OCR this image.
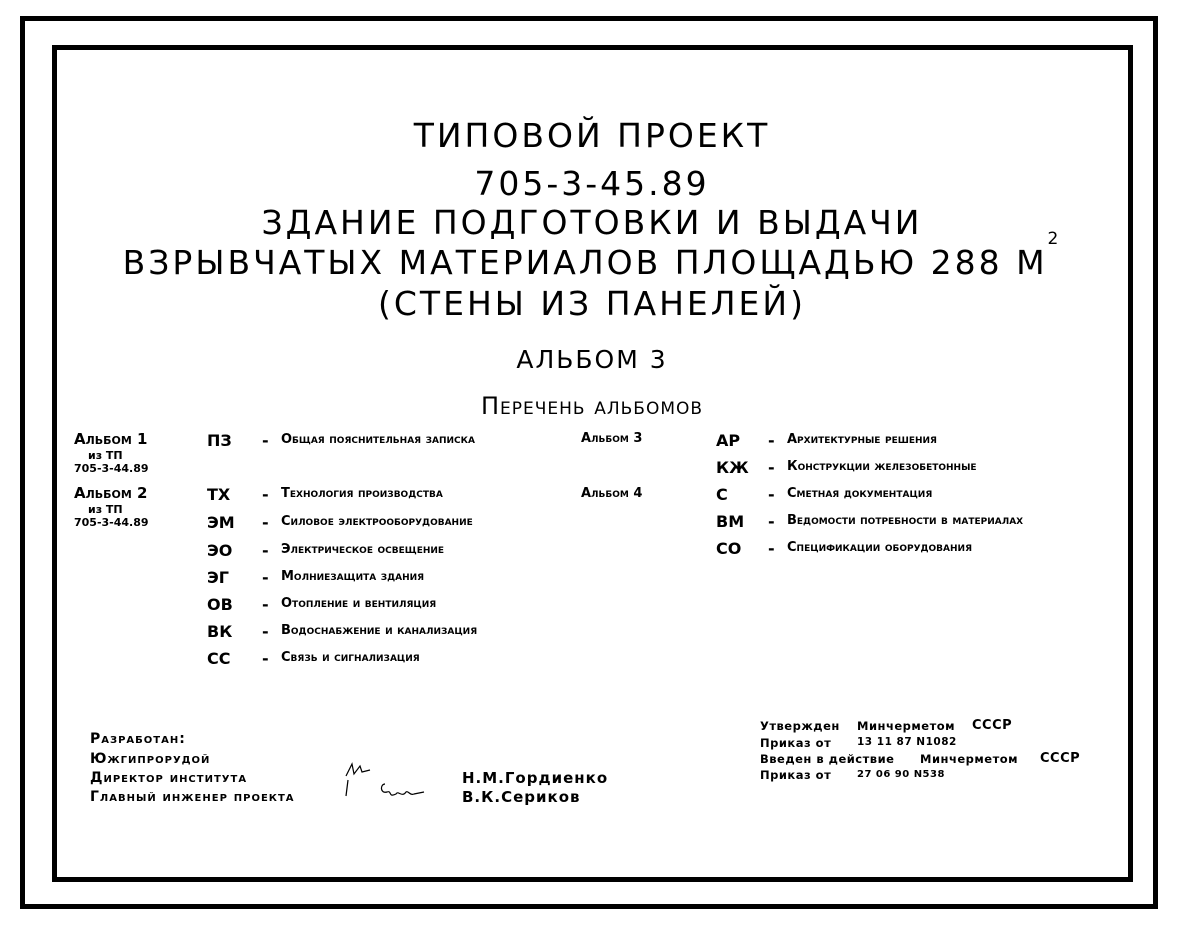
ТИПОВОЙ ПРОЕКТ
705-3-45.89
ЗДАНИЕ ПОДГОТОВКИ И ВЫДАЧИ
ВЗРЫВЧАТЫХ МАТЕРИАЛОВ ПЛОЩАДЬЮ 288 $М^2$
(СТЕНЫ ИЗ ПАНЕЛЕЙ)
АЛЬБОМ 3
Перечень альбомов
Альбом 1
из ТП
705-3-44.89
Альбом 2
из ТП
705-3-44.89
ПЗ - Общая пояснительная записка
ТХ - Технология производства
ЭМ - Силовое электрооборудование
ЭО - Электрическое освещение
ЭГ - Молниезащита здания
ОВ - Отопление и вентиляция
ВК - Водоснабжение и канализация
СС - Связь и сигнализация
Альбом 3
Альбом 4
АР - Архитектурные решения
КЖ - Конструкции железобетонные
С	- Сметная документация
ВМ - Ведомости потребности в материалах
СО - Спецификации оборудования
Разработан:
Южгипрорудой
Директор института
Главный инженер проекта
Н.М.Гордиенко
В.К.Сериков
Утвержден Минчерметом СССР
Приказ от 13 11 87 N1082
Введен в действие Минчерметом СССР
Приказ от	27 06 90 N538
